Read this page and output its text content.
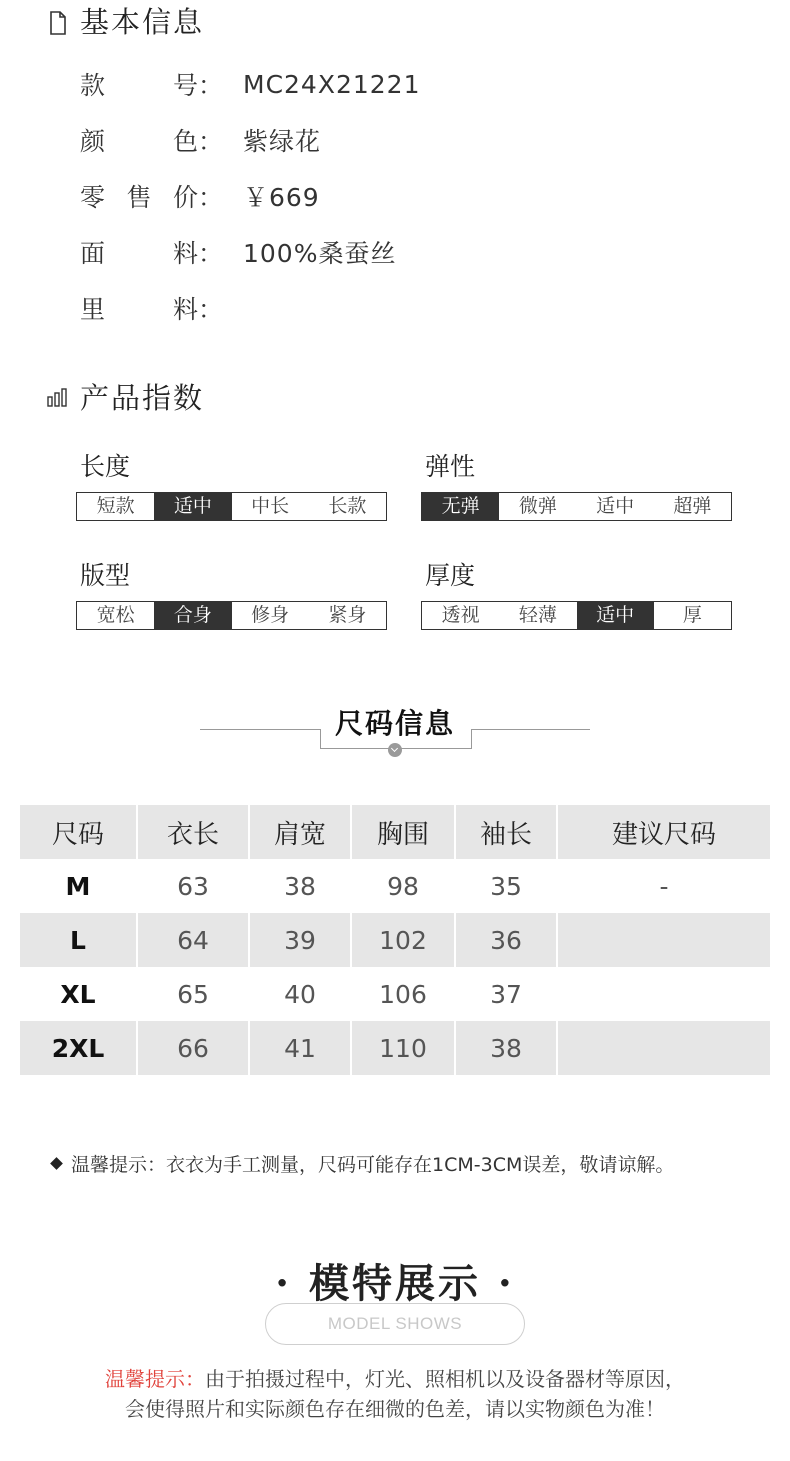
基本信息
款	号 ： MC24X21221
颜	色 ： 紫绿花
零 售 价 ： ￥669
面	料 ： 100%桑蚕丝
里	料 ：
产品指数
长度
短款	适中	中长	长款
弹性
无弹	微弹	适中	超弹
版型
宽松	合身	修身	紧身
厚度
透视	轻薄	适中	厚
尺码信息
尺码	衣长	肩宽	胸围	袖长	建议尺码
M	63	38	98	35	-
L	64	39	102	36	
XL	65	40	106	37	
2XL	66	41	110	38	
温馨提示：衣衣为手工测量，尺码可能存在1CM-3CM误差，敬请谅解。
· 模特展示 ·
MODEL SHOWS
温馨提示：由于拍摄过程中，灯光、照相机以及设备器材等原因，
会使得照片和实际颜色存在细微的色差，请以实物颜色为准！
